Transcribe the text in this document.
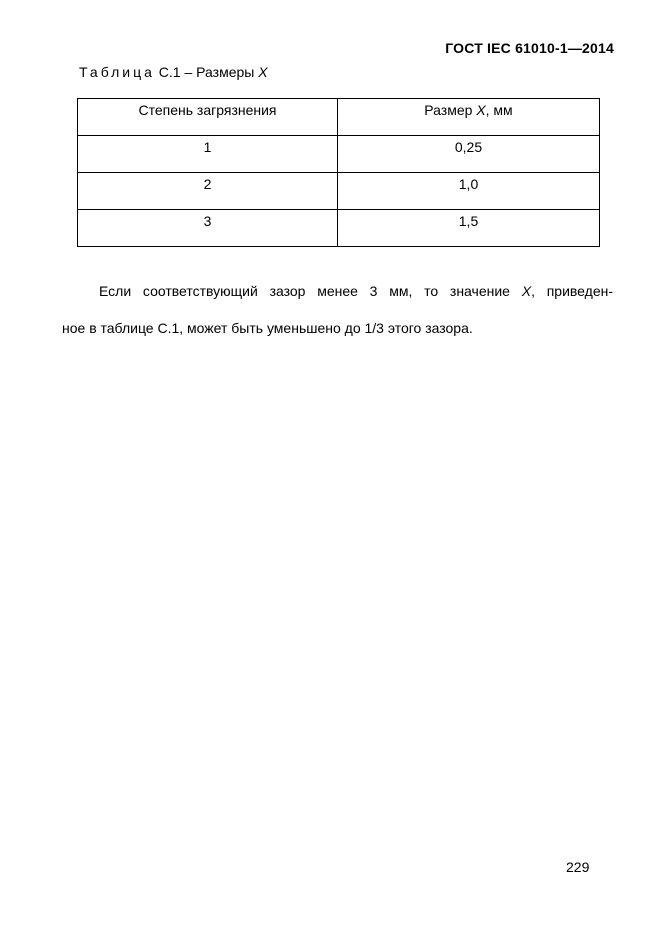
ГОСТ IEC 61010-1—2014
Таблица С.1 – Размеры X
Степень загрязнения	Размер X, мм
1	0,25
2	1,0
3	1,5
Если соответствующий зазор менее 3 мм, то значение X, приведен-
ное в таблице С.1, может быть уменьшено до 1/3 этого зазора.
229
